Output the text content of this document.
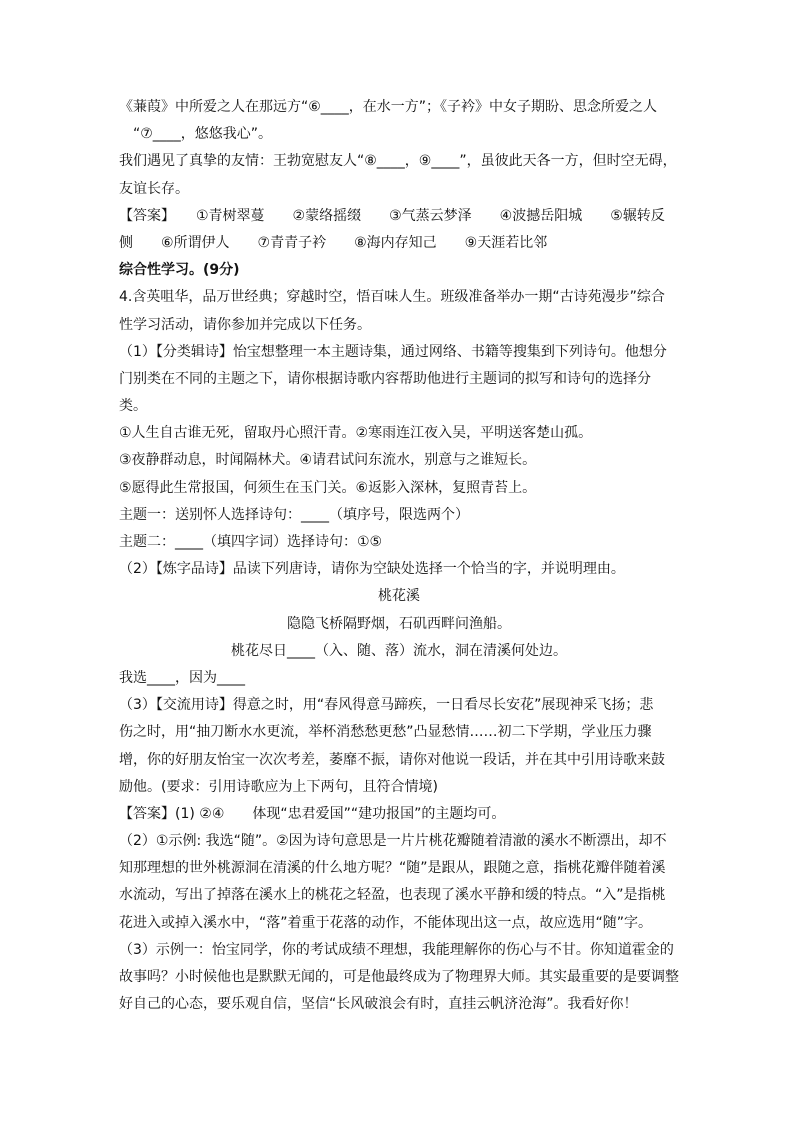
《蒹葭》中所爱之人在那远方“⑥____，在水一方”；《子衿》中女子期盼、思念所爱之人
“⑦____，悠悠我心”。
我们遇见了真挚的友情：王勃宽慰友人“⑧____，⑨____”，虽彼此天各一方，但时空无碍，
友谊长存。
【答案】　　①青树翠蔓　　②蒙络摇缀　　③气蒸云梦泽　　④波撼岳阳城　　⑤辗转反
侧　　⑥所谓伊人　　⑦青青子衿　　⑧海内存知己　　⑨天涯若比邻
综合性学习。(9分)
4.含英咀华，品万世经典；穿越时空，悟百味人生。班级准备举办一期“古诗苑漫步”综合
性学习活动，请你参加并完成以下任务。
（1）【分类辑诗】怡宝想整理一本主题诗集，通过网络、书籍等搜集到下列诗句。他想分
门别类在不同的主题之下，请你根据诗歌内容帮助他进行主题词的拟写和诗句的选择分
类。
①人生自古谁无死，留取丹心照汗青。②寒雨连江夜入吴，平明送客楚山孤。
③夜静群动息，时闻隔林犬。④请君试问东流水，别意与之谁短长。
⑤愿得此生常报国，何须生在玉门关。⑥返影入深林，复照青苔上。
主题一：送别怀人选择诗句：____（填序号，限选两个）
主题二：____（填四字词）选择诗句：①⑤
（2）【炼字品诗】品读下列唐诗，请你为空缺处选择一个恰当的字，并说明理由。
桃花溪
隐隐飞桥隔野烟，石矶西畔问渔船。
桃花尽日____（入、随、落）流水，洞在清溪何处边。
我选____，因为____
（3）【交流用诗】得意之时，用“春风得意马蹄疾，一日看尽长安花”展现神采飞扬；悲
伤之时，用“抽刀断水水更流，举杯消愁愁更愁”凸显愁情……初二下学期，学业压力骤
增，你的好朋友怡宝一次次考差，萎靡不振，请你对他说一段话，并在其中引用诗歌来鼓
励他。(要求：引用诗歌应为上下两句，且符合情境)
【答案】(1) ②④　　体现“忠君爱国”“建功报国”的主题均可。
（2）①示例: 我选“随”。②因为诗句意思是一片片桃花瓣随着清澈的溪水不断漂出，却不
知那理想的世外桃源洞在清溪的什么地方呢？“随”是跟从，跟随之意，指桃花瓣伴随着溪
水流动，写出了掉落在溪水上的桃花之轻盈，也表现了溪水平静和缓的特点。“入”是指桃
花进入或掉入溪水中，“落”着重于花落的动作，不能体现出这一点，故应选用“随”字。
（3）示例一：怡宝同学，你的考试成绩不理想，我能理解你的伤心与不甘。你知道霍金的
故事吗？小时候他也是默默无闻的，可是他最终成为了物理界大师。其实最重要的是要调整
好自己的心态，要乐观自信，坚信“长风破浪会有时，直挂云帆济沧海”。我看好你！
